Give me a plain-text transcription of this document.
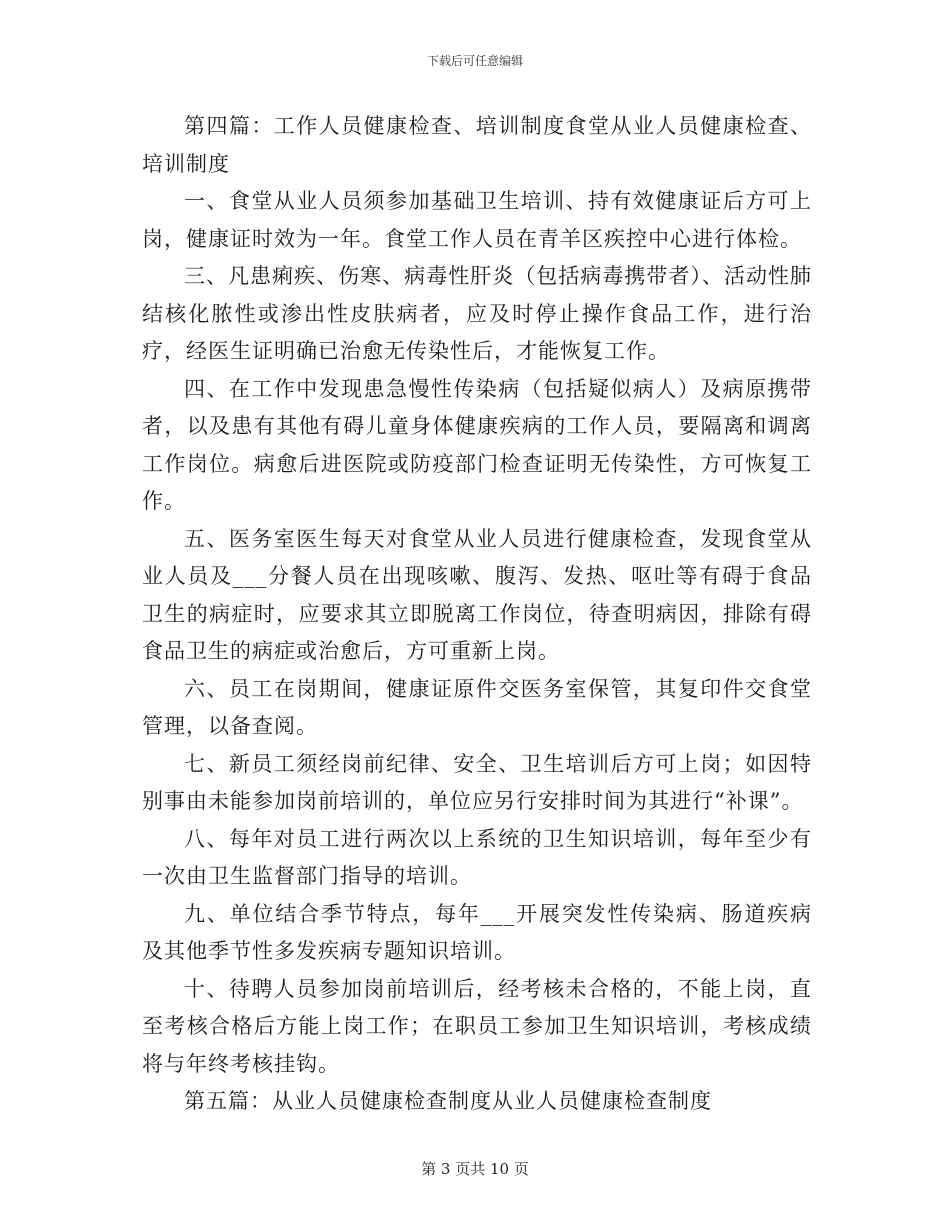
下载后可任意编辑

第四篇：工作人员健康检查、培训制度食堂从业人员健康检查、培训制度

一、食堂从业人员须参加基础卫生培训、持有效健康证后方可上岗，健康证时效为一年。食堂工作人员在青羊区疾控中心进行体检。

三、凡患痢疾、伤寒、病毒性肝炎（包括病毒携带者）、活动性肺结核化脓性或渗出性皮肤病者，应及时停止操作食品工作，进行治疗，经医生证明确已治愈无传染性后，才能恢复工作。

四、在工作中发现患急慢性传染病（包括疑似病人）及病原携带者，以及患有其他有碍儿童身体健康疾病的工作人员，要隔离和调离工作岗位。病愈后进医院或防疫部门检查证明无传染性，方可恢复工作。

五、医务室医生每天对食堂从业人员进行健康检查，发现食堂从业人员及___分餐人员在出现咳嗽、腹泻、发热、呕吐等有碍于食品卫生的病症时，应要求其立即脱离工作岗位，待查明病因，排除有碍食品卫生的病症或治愈后，方可重新上岗。

六、员工在岗期间，健康证原件交医务室保管，其复印件交食堂管理，以备查阅。

七、新员工须经岗前纪律、安全、卫生培训后方可上岗；如因特别事由未能参加岗前培训的，单位应另行安排时间为其进行“补课”。

八、每年对员工进行两次以上系统的卫生知识培训，每年至少有一次由卫生监督部门指导的培训。

九、单位结合季节特点，每年___开展突发性传染病、肠道疾病及其他季节性多发疾病专题知识培训。

十、待聘人员参加岗前培训后，经考核未合格的，不能上岗，直至考核合格后方能上岗工作；在职员工参加卫生知识培训，考核成绩将与年终考核挂钩。

第五篇：从业人员健康检查制度从业人员健康检查制度

第 3 页共 10 页
